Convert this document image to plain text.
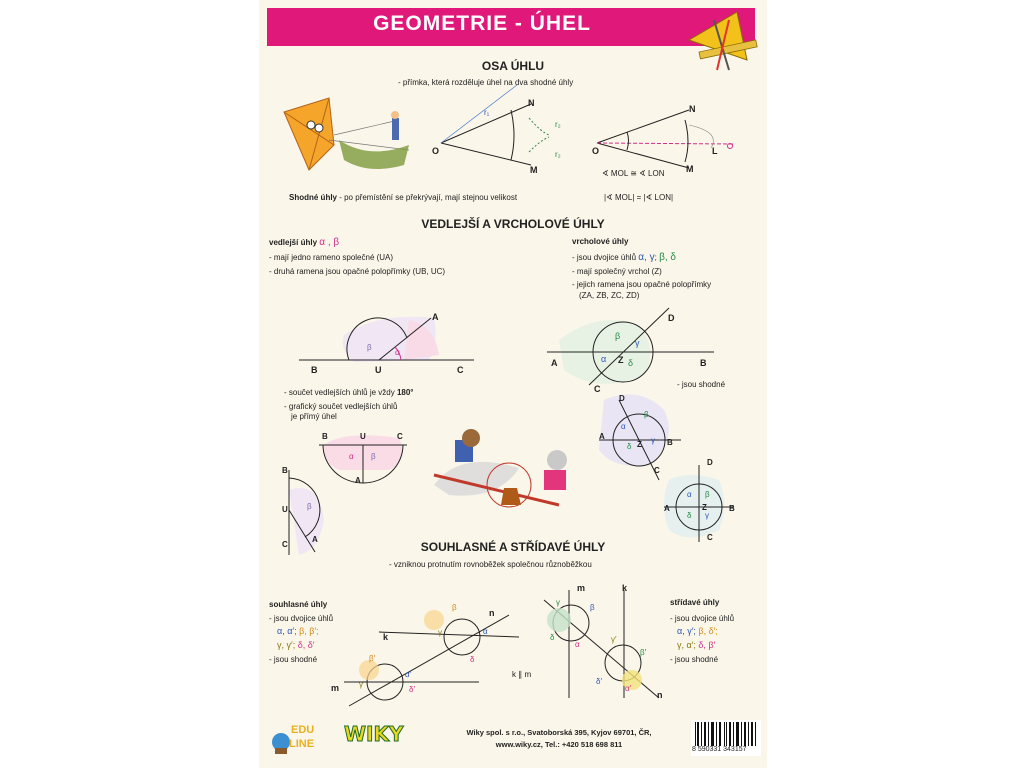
GEOMETRIE - ÚHEL
OSA ÚHLU
- přímka, která rozděluje úhel na dva shodné úhly
N
O
M
r₁
r₂
r₂
N
O
M
L
∢ MOL ≅ ∢ LON
Shodné úhly - po přemístění se překrývají, mají stejnou velikost	|∢ MOL| = |∢ LON|
VEDLEJŠÍ A VRCHOLOVÉ ÚHLY
vedlejší úhly α , β
- mají jedno rameno společné (UA)
- druhá ramena jsou opačné polopřímky (UB, UC)
vrcholové úhly
- jsou dvojice úhlů α, γ; β, δ
- mají společný vrchol (Z)
- jejich ramena jsou opačné polopřímky
(ZA, ZB, ZC, ZD)
B	U	C
A
β
α
A	B
C
D
Z
β
γ
α δ
- jsou shodné
- součet vedlejších úhlů je vždy 180°
- grafický součet vedlejších úhlů
je přímý úhel
B	U	C
A
α β
B
U
C
A
β
D
A
B
C
Z
α
β
γ
δ
D
A	B
C
Z
α β
γ
δ
SOUHLASNÉ A STŘÍDAVÉ ÚHLY
- vzniknou protnutím rovnoběžek společnou různoběžkou
souhlasné úhly
- jsou dvojice úhlů
α, α′; β, β′;
γ, γ′; δ, δ′
- jsou shodné
k
m
n
k ∥ m
β
α
γ
δ
β′
α′
γ′
δ′
m	k
n
γ
β
δ
α
γ′
β′
δ′
α′
střídavé úhly
- jsou dvojice úhlů
α, γ′; β, δ′;
γ, α′; δ, β′
- jsou shodné
EDU
LINE WIKY	Wiky spol. s r.o., Svatoborská 395, Kyjov 69701, ČR,
www.wiky.cz, Tel.: +420 518 698 811
8 590331 343157
